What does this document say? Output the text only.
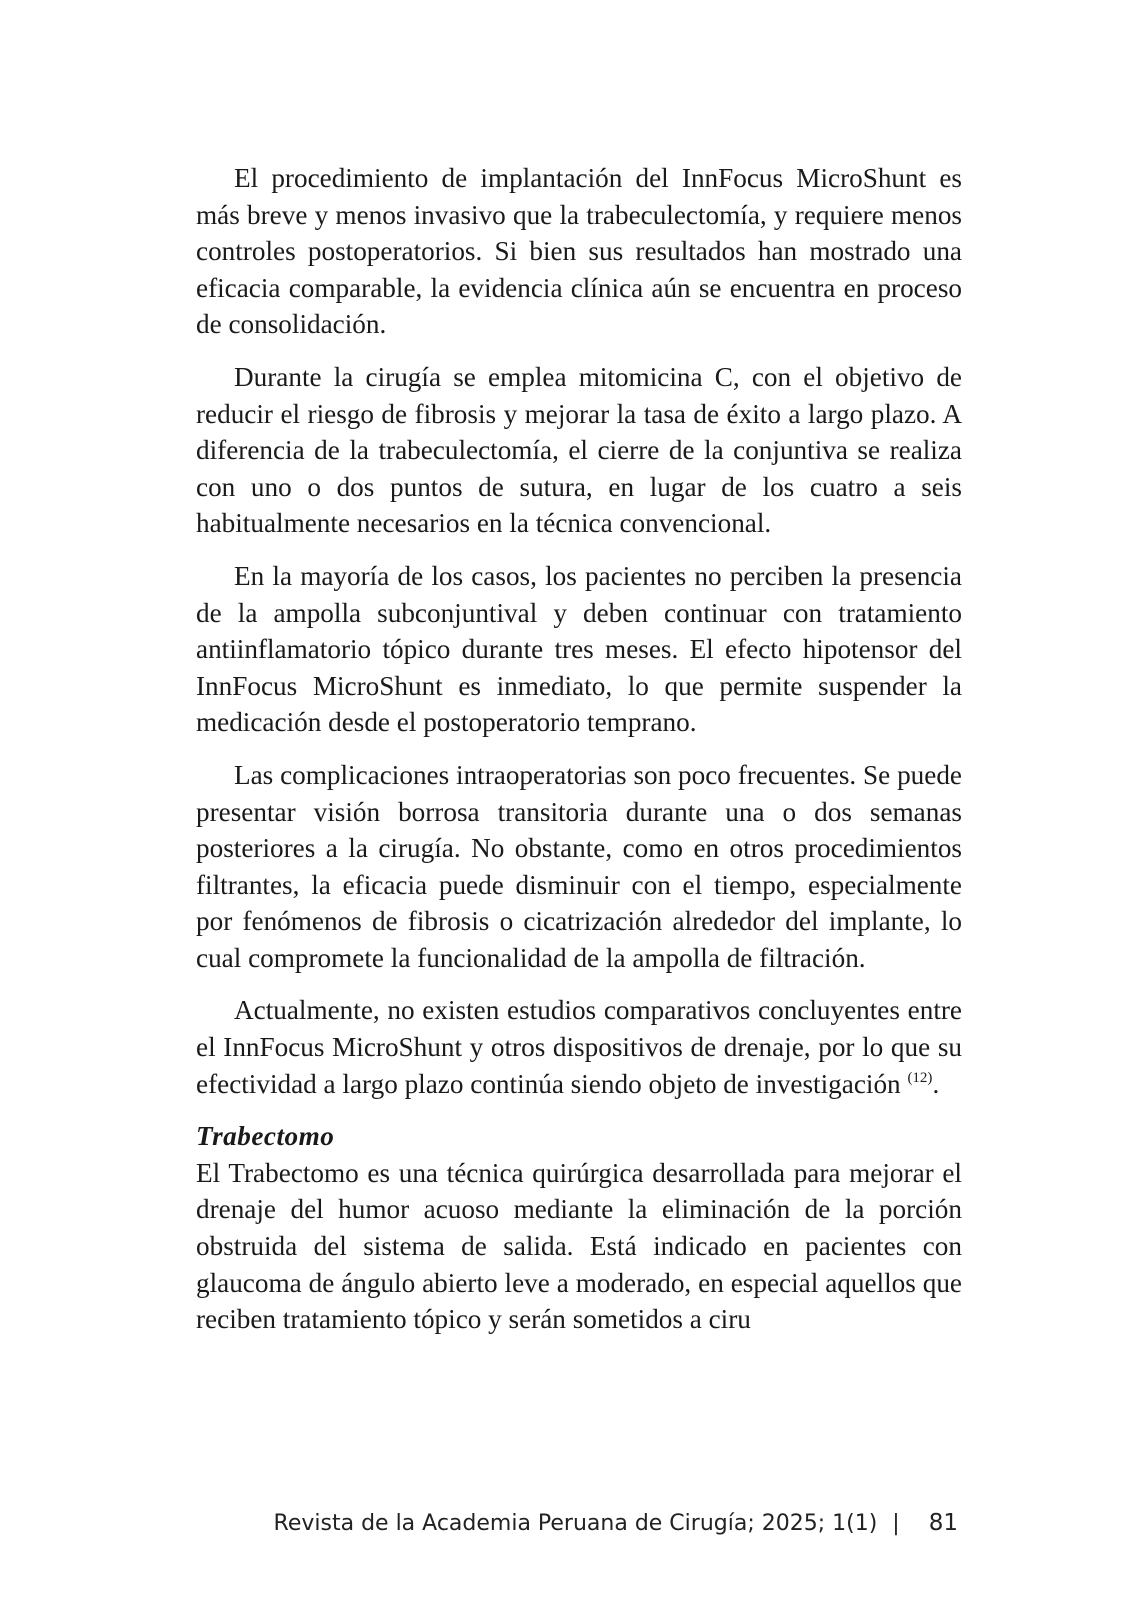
El procedimiento de implantación del InnFocus MicroShunt es más breve y menos invasivo que la trabeculectomía, y requiere menos controles postoperatorios. Si bien sus resultados han mostrado una eficacia comparable, la evidencia clínica aún se encuentra en proceso de consolidación.

Durante la cirugía se emplea mitomicina C, con el objetivo de reducir el riesgo de fibrosis y mejorar la tasa de éxito a largo plazo. A diferencia de la trabeculectomía, el cierre de la conjuntiva se realiza con uno o dos puntos de sutura, en lugar de los cuatro a seis habitualmente necesarios en la técnica convencional.

En la mayoría de los casos, los pacientes no perciben la presencia de la ampolla subconjuntival y deben continuar con tratamiento antiinflamatorio tópico durante tres meses. El efecto hipotensor del InnFocus MicroShunt es inmediato, lo que permite suspender la medicación desde el postoperatorio temprano.

Las complicaciones intraoperatorias son poco frecuentes. Se puede presentar visión borrosa transitoria durante una o dos semanas posteriores a la cirugía. No obstante, como en otros procedimientos filtrantes, la eficacia puede disminuir con el tiempo, especialmente por fenómenos de fibrosis o cicatrización alrededor del implante, lo cual compromete la funcionalidad de la ampolla de filtración.

Actualmente, no existen estudios comparativos concluyentes entre el InnFocus MicroShunt y otros dispositivos de drenaje, por lo que su efectividad a largo plazo continúa siendo objeto de investigación $^{(12)}$.

Trabectomo

El Trabectomo es una técnica quirúrgica desarrollada para mejorar el drenaje del humor acuoso mediante la eliminación de la porción obstruida del sistema de salida. Está indicado en pacientes con glaucoma de ángulo abierto leve a moderado, en especial aquellos que reciben tratamiento tópico y serán sometidos a ciru

Revista de la Academia Peruana de Cirugía; 2025; 1(1) | 81
